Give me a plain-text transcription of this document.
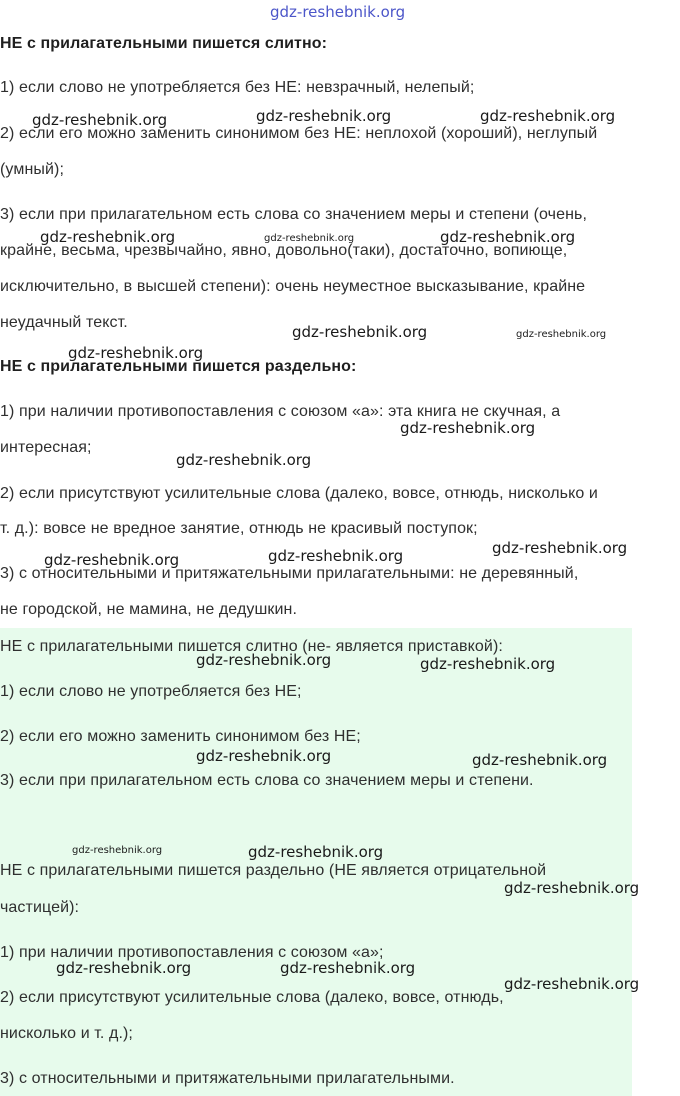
gdz-reshebnik.org
НЕ с прилагательными пишется слитно:
1) если слово не употребляется без НЕ: невзрачный, нелепый;
2) если его можно заменить синонимом без НЕ: неплохой (хороший), неглупый
(умный);
3) если при прилагательном есть слова со значением меры и степени (очень,
крайне, весьма, чрезвычайно, явно, довольно(таки), достаточно, вопиюще,
исключительно, в высшей степени): очень неуместное высказывание, крайне
неудачный текст.
НЕ с прилагательными пишется раздельно:
1) при наличии противопоставления с союзом «а»: эта книга не скучная, а
интересная;
2) если присутствуют усилительные слова (далеко, вовсе, отнюдь, нисколько и
т. д.): вовсе не вредное занятие, отнюдь не красивый поступок;
3) с относительными и притяжательными прилагательными: не деревянный,
не городской, не мамина, не дедушкин.
НЕ с прилагательными пишется слитно (не- является приставкой):
1) если слово не употребляется без НЕ;
2) если его можно заменить синонимом без НЕ;
3) если при прилагательном есть слова со значением меры и степени.
НЕ с прилагательными пишется раздельно (НЕ является отрицательной
частицей):
1) при наличии противопоставления с союзом «а»;
2) если присутствуют усилительные слова (далеко, вовсе, отнюдь,
нисколько и т. д.);
3) с относительными и притяжательными прилагательными.
gdz-reshebnik.org	gdz-reshebnik.org	gdz-reshebnik.org
gdz-reshebnik.org	gdz-reshebnik.org	gdz-reshebnik.org
gdz-reshebnik.org	gdz-reshebnik.org
gdz-reshebnik.org
gdz-reshebnik.org
gdz-reshebnik.org
gdz-reshebnik.org
gdz-reshebnik.org	gdz-reshebnik.org
gdz-reshebnik.org	gdz-reshebnik.org
gdz-reshebnik.org	gdz-reshebnik.org
gdz-reshebnik.org	gdz-reshebnik.org
gdz-reshebnik.org
gdz-reshebnik.org	gdz-reshebnik.org
gdz-reshebnik.org
